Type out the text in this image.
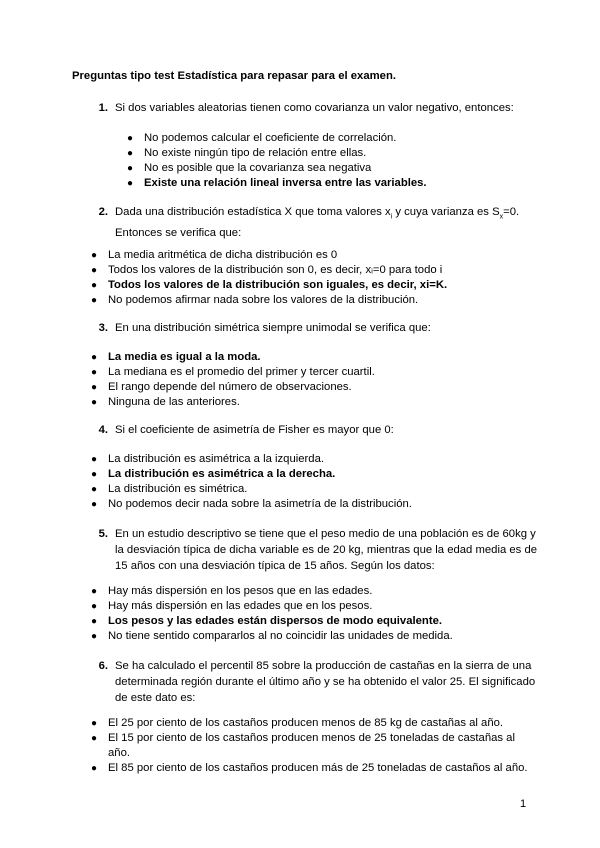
Preguntas tipo test Estadística para repasar para el examen.
1. Si dos variables aleatorias tienen como covarianza un valor negativo, entonces:
● No podemos calcular el coeficiente de correlación.
● No existe ningún tipo de relación entre ellas.
● No es posible que la covarianza sea negativa
● Existe una relación lineal inversa entre las variables.
2. Dada una distribución estadística X que toma valores $x_i$ y cuya varianza es $S_x=0$. Entonces se verifica que:
● La media aritmética de dicha distribución es 0
● Todos los valores de la distribución son 0, es decir, xᵢ=0 para todo i
● Todos los valores de la distribución son iguales, es decir, xi=K.
● No podemos afirmar nada sobre los valores de la distribución.
3. En una distribución simétrica siempre unimodal se verifica que:
● La media es igual a la moda.
● La mediana es el promedio del primer y tercer cuartil.
● El rango depende del número de observaciones.
● Ninguna de las anteriores.
4. Si el coeficiente de asimetría de Fisher es mayor que 0:
● La distribución es asimétrica a la izquierda.
● La distribución es asimétrica a la derecha.
● La distribución es simétrica.
● No podemos decir nada sobre la asimetría de la distribución.
5. En un estudio descriptivo se tiene que el peso medio de una población es de 60kg y la desviación típica de dicha variable es de 20 kg, mientras que la edad media es de 15 años con una desviación típica de 15 años. Según los datos:
● Hay más dispersión en los pesos que en las edades.
● Hay más dispersión en las edades que en los pesos.
● Los pesos y las edades están dispersos de modo equivalente.
● No tiene sentido compararlos al no coincidir las unidades de medida.
6. Se ha calculado el percentil 85 sobre la producción de castañas en la sierra de una determinada región durante el último año y se ha obtenido el valor 25. El significado de este dato es:
● El 25 por ciento de los castaños producen menos de 85 kg de castañas al año.
● El 15 por ciento de los castaños producen menos de 25 toneladas de castañas al año.
● El 85 por ciento de los castaños producen más de 25 toneladas de castaños al año.
1
